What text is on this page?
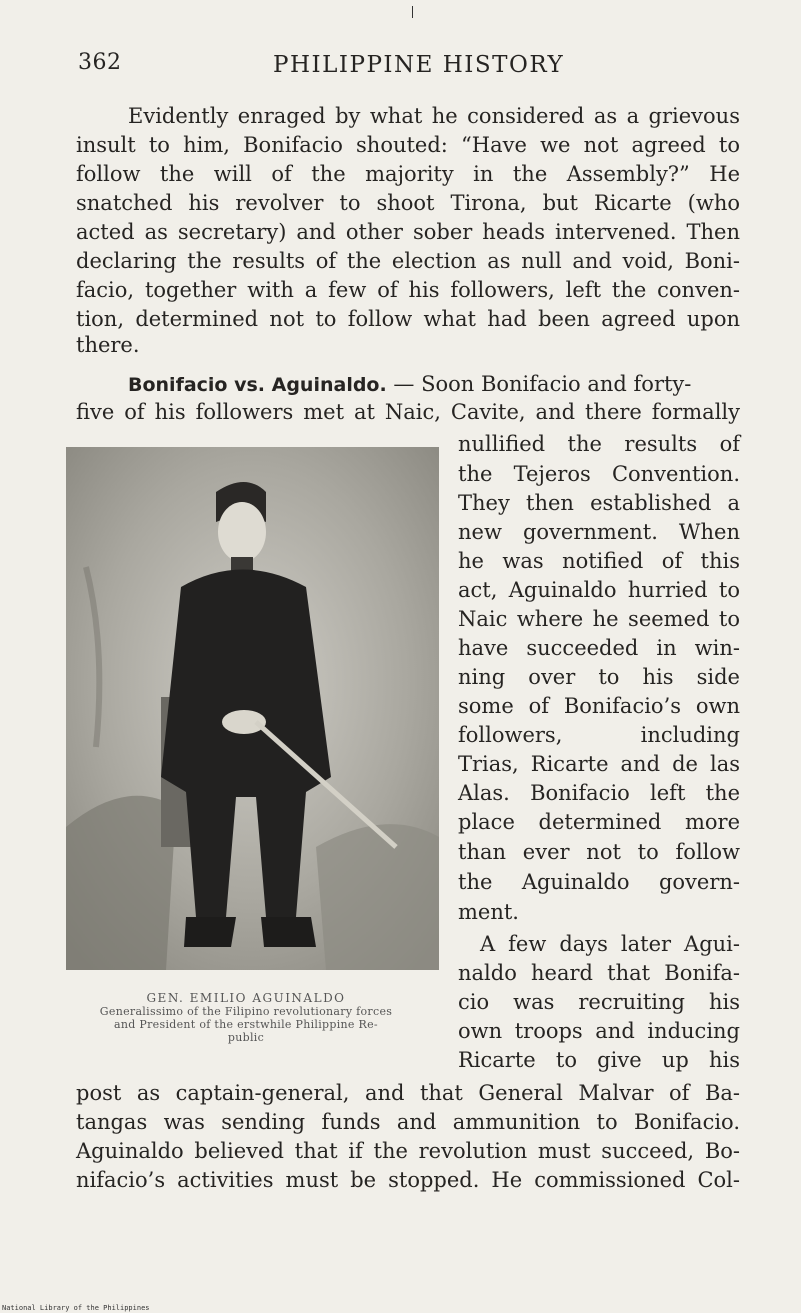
362	PHILIPPINE HISTORY
Evidently enraged by what he considered as a grievous
insult to him, Bonifacio shouted: “Have we not agreed to
follow the will of the majority in the Assembly?” He
snatched his revolver to shoot Tirona, but Ricarte (who
acted as secretary) and other sober heads intervened. Then
declaring the results of the election as null and void, Boni-
facio, together with a few of his followers, left the conven-
tion, determined not to follow what had been agreed upon
there.
Bonifacio vs. Aguinaldo. — Soon Bonifacio and forty-
five of his followers met at Naic, Cavite, and there formally
nullified the results of
the Tejeros Convention.
They then established a
new government. When
he was notified of this
act, Aguinaldo hurried to
Naic where he seemed to
have succeeded in win-
ning over to his side
some of Bonifacio’s own
followers, including
Trias, Ricarte and de las
Alas. Bonifacio left the
place determined more
than ever not to follow
the Aguinaldo govern-
ment.
A few days later Agui-
naldo heard that Bonifa-
cio was recruiting his
own troops and inducing
Ricarte to give up his
post as captain-general, and that General Malvar of Ba-
tangas was sending funds and ammunition to Bonifacio.
Aguinaldo believed that if the revolution must succeed, Bo-
nifacio’s activities must be stopped. He commissioned Col-
GEN. EMILIO AGUINALDO
Generalissimo of the Filipino revolutionary forces
and President of the erstwhile Philippine Re-
public
National Library of the Philippines
